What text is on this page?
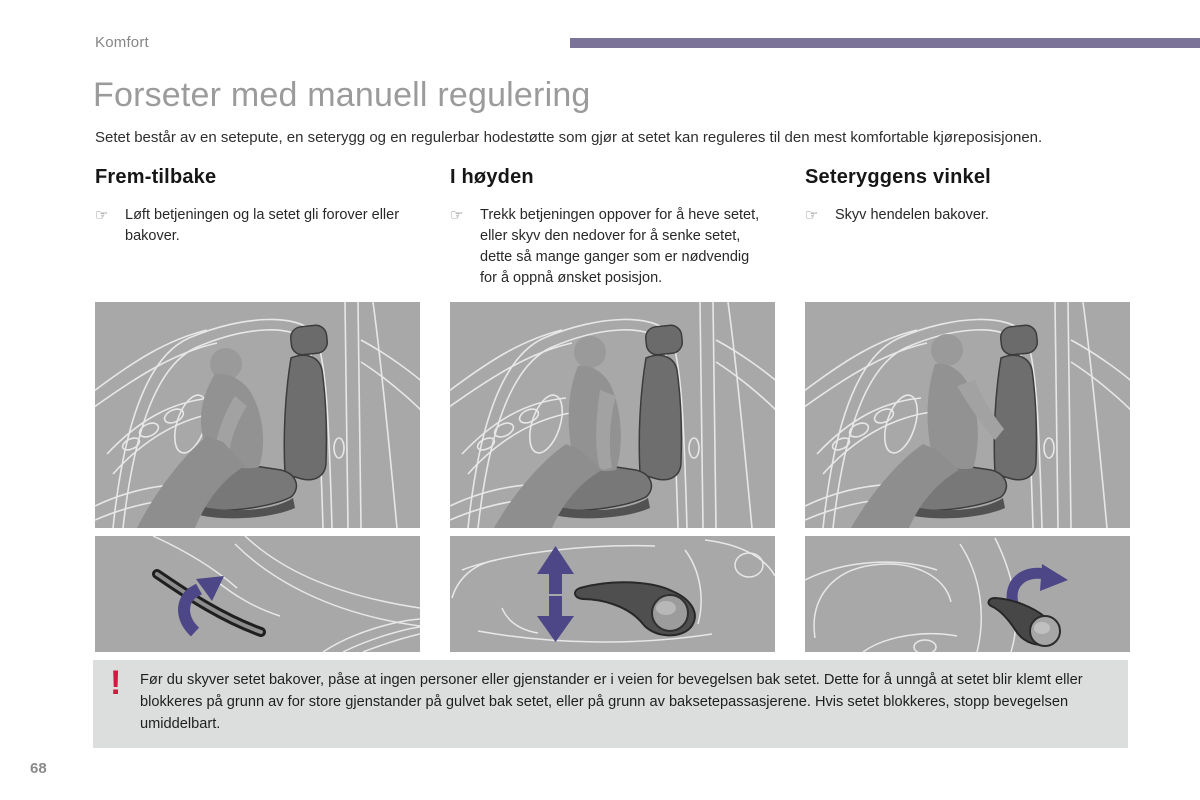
Komfort
Forseter med manuell regulering

Setet består av en setepute, en seterygg og en regulerbar hodestøtte som gjør at setet kan reguleres til den mest komfortable kjøreposisjonen.

Frem-tilbake
☞	Løft betjeningen og la setet gli forover eller bakover.

I høyden
☞	Trekk betjeningen oppover for å heve setet, eller skyv den nedover for å senke setet, dette så mange ganger som er nødvendig for å oppnå ønsket posisjon.

Seteryggens vinkel
☞	Skyv hendelen bakover.

! Før du skyver setet bakover, påse at ingen personer eller gjenstander er i veien for bevegelsen bak setet. Dette for å unngå at setet blir klemt eller blokkeres på grunn av for store gjenstander på gulvet bak setet, eller på grunn av baksetepassasjerene. Hvis setet blokkeres, stopp bevegelsen umiddelbart.

68
